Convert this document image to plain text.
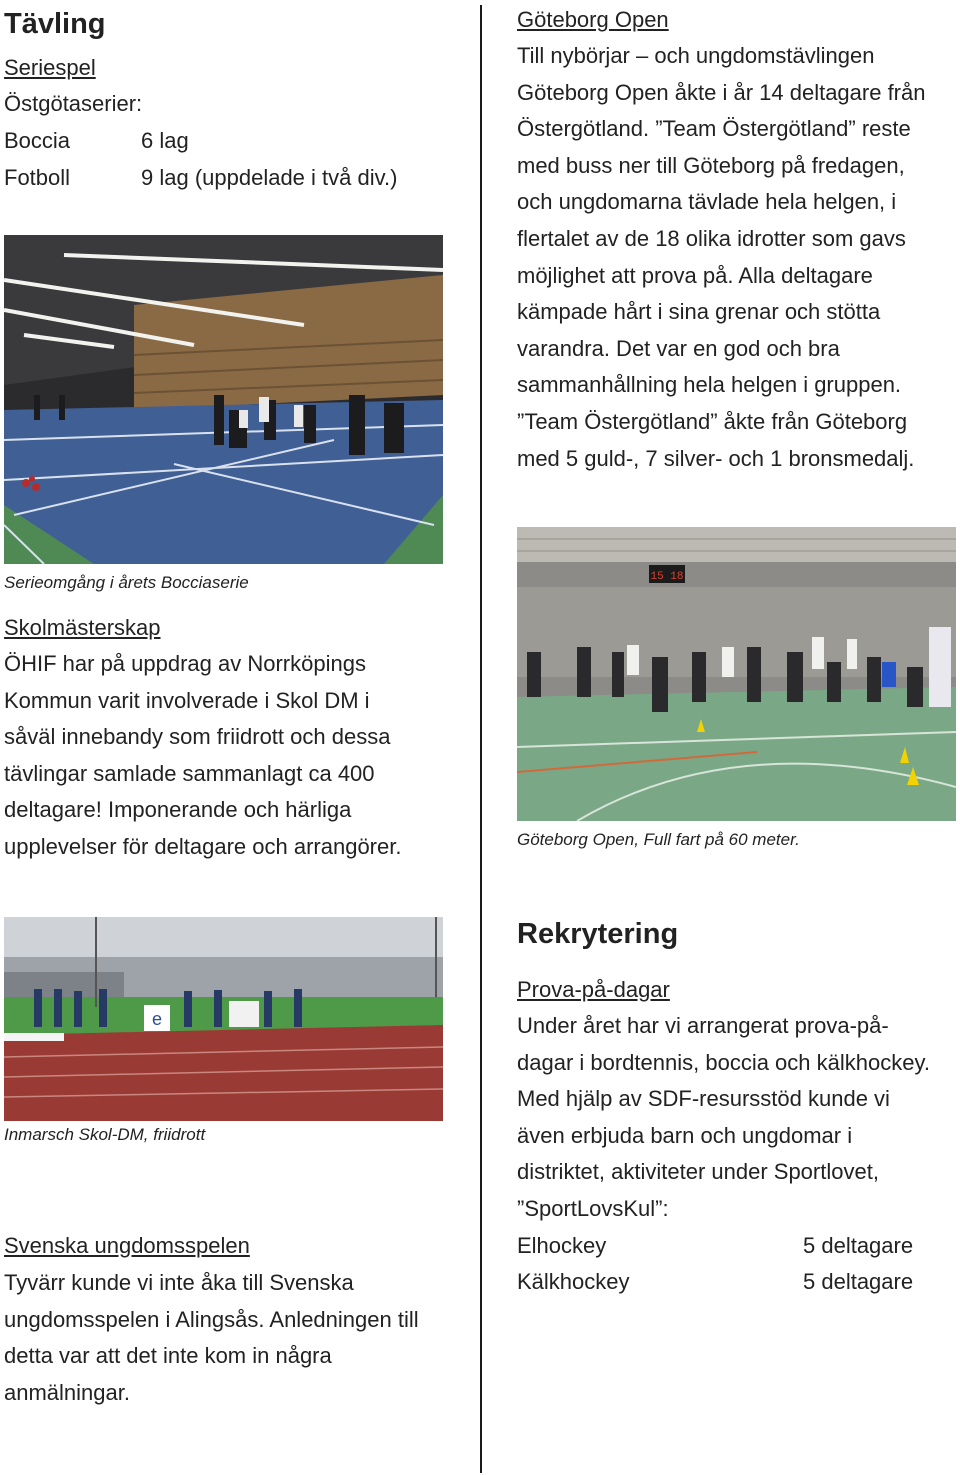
Tävling
Seriespel
Östgötaserier:
Boccia	6 lag
Fotboll	9 lag (uppdelade i två div.)
Serieomgång i årets Bocciaserie
Skolmästerskap
ÖHIF har på uppdrag av Norrköpings
Kommun varit involverade i Skol DM i
såväl innebandy som friidrott och dessa
tävlingar samlade sammanlagt ca 400
deltagare! Imponerande och härliga
upplevelser för deltagare och arrangörer.
e
Inmarsch Skol-DM, friidrott
Svenska ungdomsspelen
Tyvärr kunde vi inte åka till Svenska
ungdomsspelen i Alingsås. Anledningen till
detta var att det inte kom in några
anmälningar.
Göteborg Open
Till nybörjar – och ungdomstävlingen
Göteborg Open åkte i år 14 deltagare från
Östergötland. ”Team Östergötland” reste
med buss ner till Göteborg på fredagen,
och ungdomarna tävlade hela helgen, i
flertalet av de 18 olika idrotter som gavs
möjlighet att prova på. Alla deltagare
kämpade hårt i sina grenar och stötta
varandra. Det var en god och bra
sammanhållning hela helgen i gruppen.
”Team Östergötland” åkte från Göteborg
med 5 guld-, 7 silver- och 1 bronsmedalj.
15 18
Göteborg Open, Full fart på 60 meter.
Rekrytering
Prova-på-dagar
Under året har vi arrangerat prova-på-
dagar i bordtennis, boccia och kälkhockey.
Med hjälp av SDF-resursstöd kunde vi
även erbjuda barn och ungdomar i
distriktet, aktiviteter under Sportlovet,
”SportLovsKul”:
Elhockey	5 deltagare
Kälkhockey	5 deltagare
